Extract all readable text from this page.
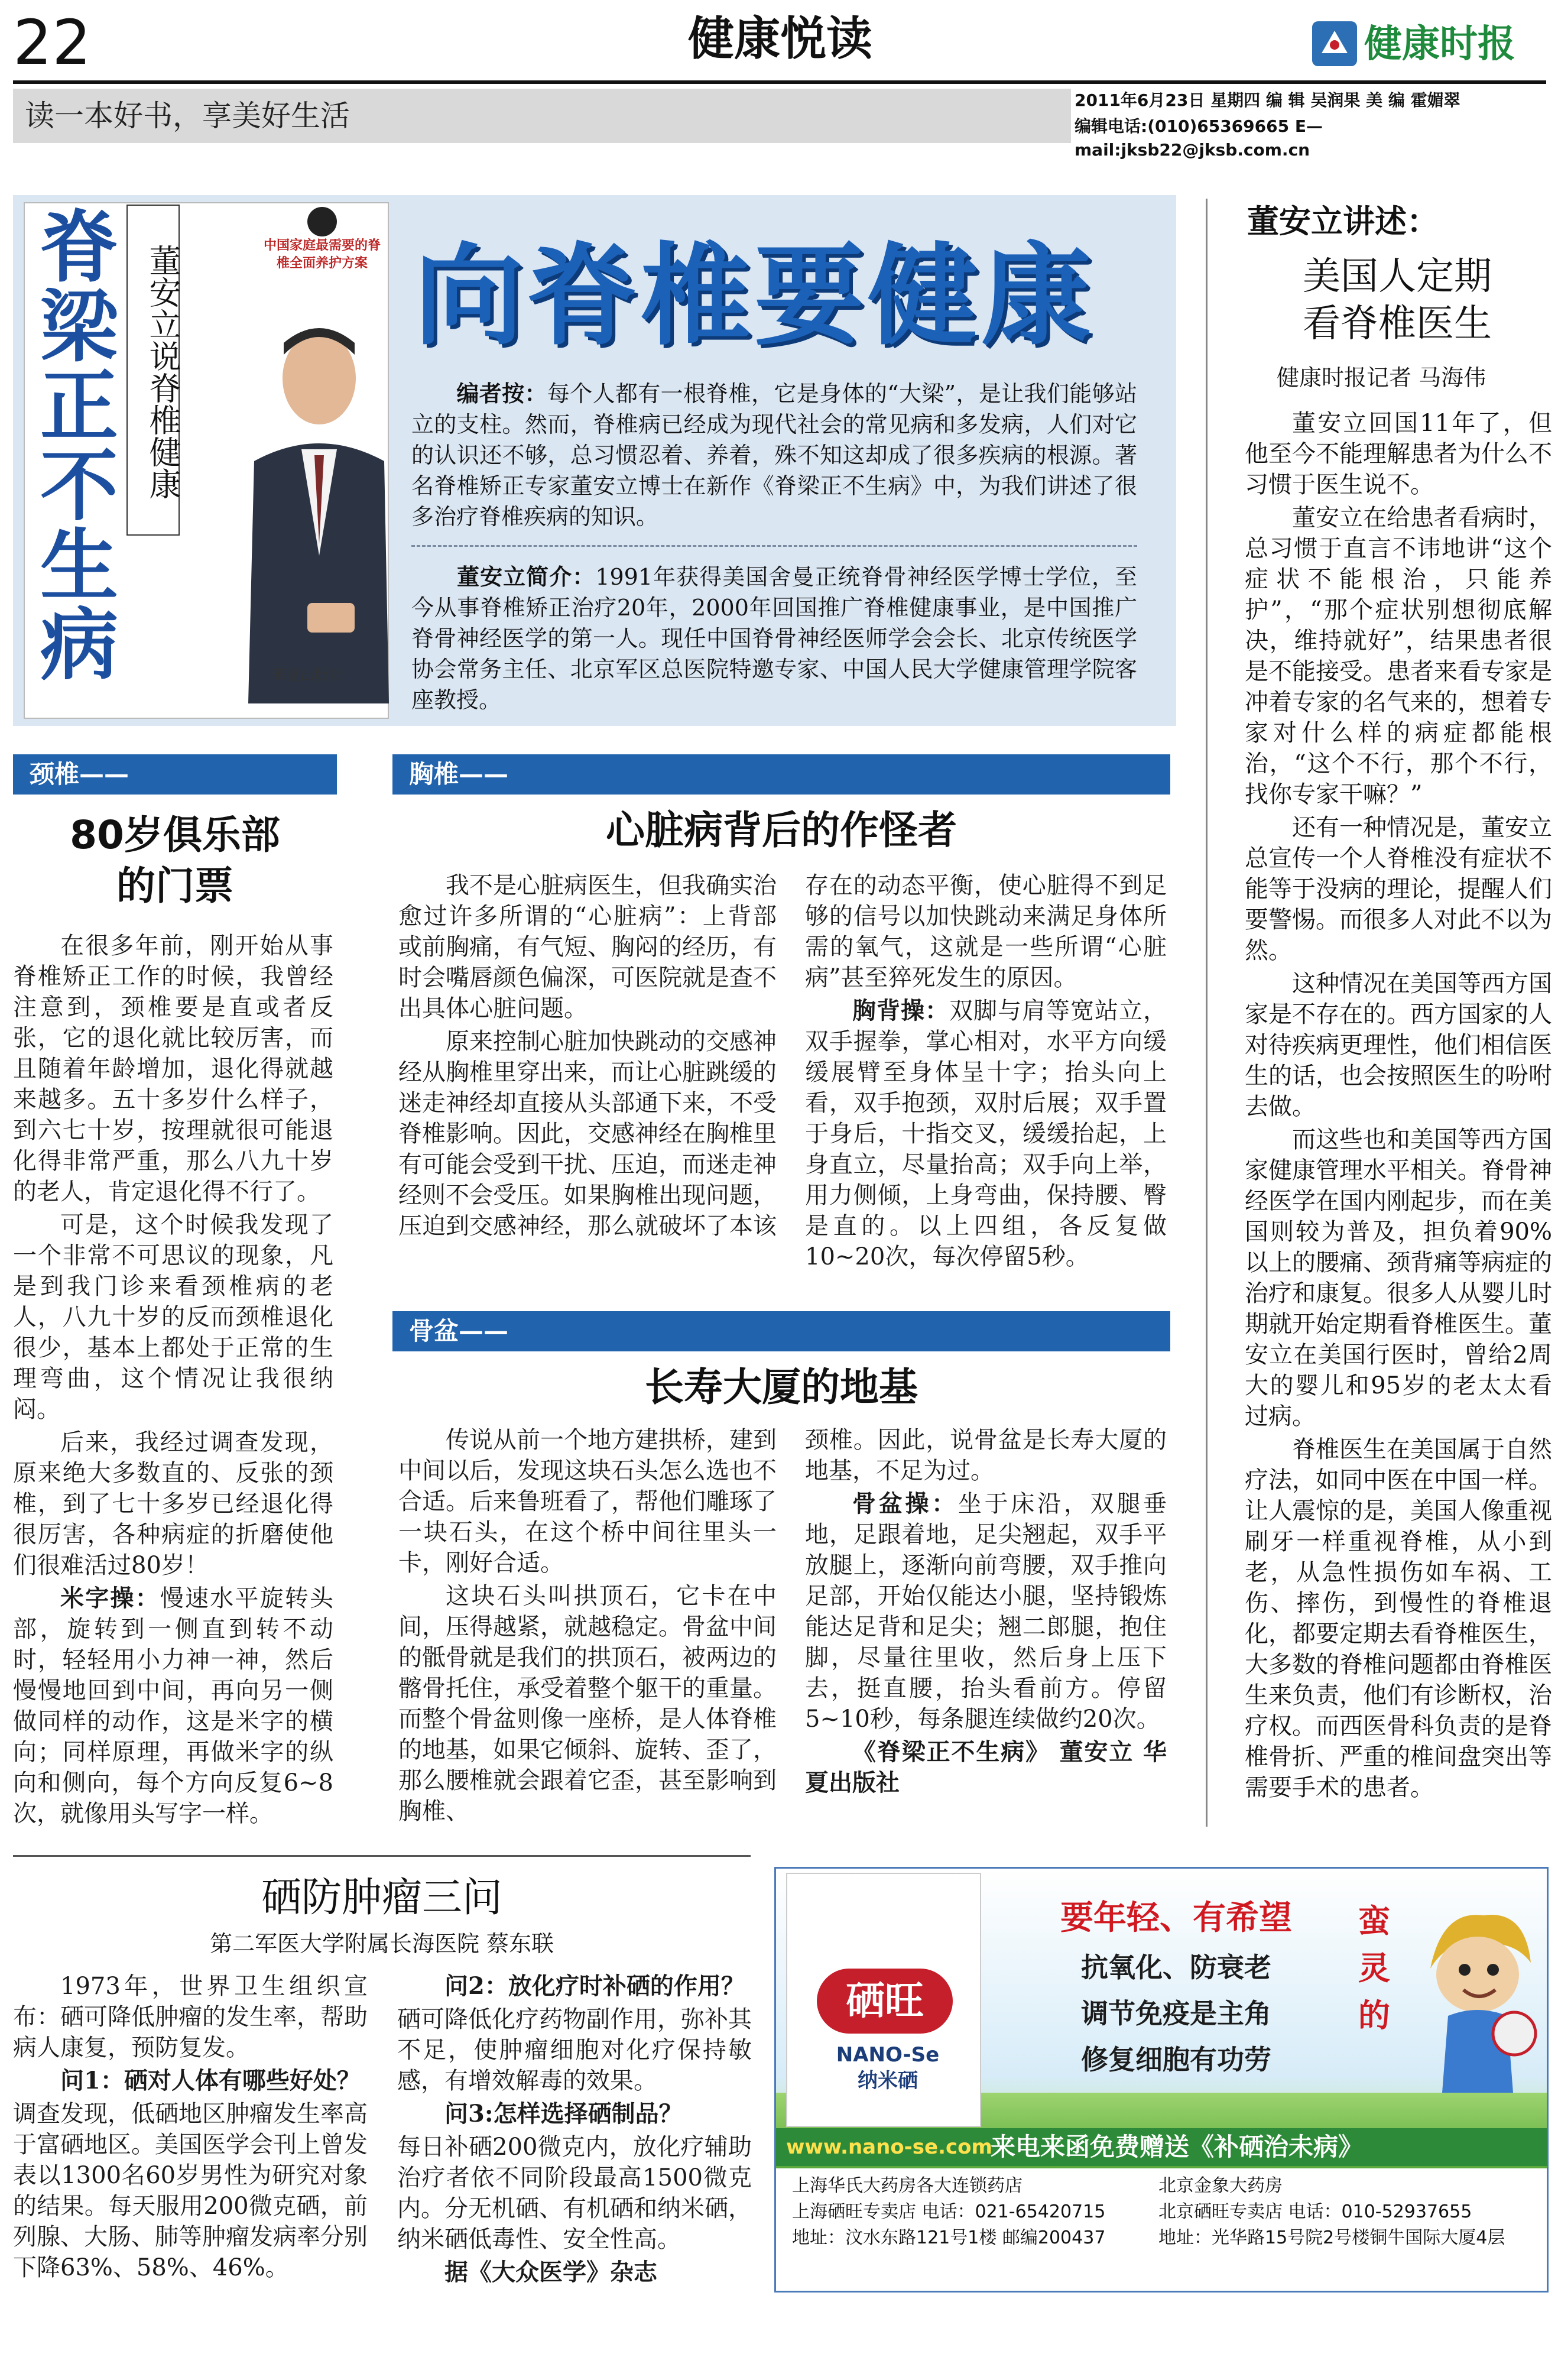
22	健康悦读	健康时报
读一本好书，享美好生活	2011年6月23日 星期四 编 辑 吴润果 美 编 霍媚翠
编辑电话:(010)65369665 E—mail:jksb22@jksb.com.cn
脊
梁
正
不
生
病
董安立说脊椎健康	中国家庭最需要的脊椎全面养护方案
華夏出版社
向脊椎要健康
编者按：每个人都有一根脊椎，它是身体的“大梁”，是让我们能够站立的支柱。然而，脊椎病已经成为现代社会的常见病和多发病，人们对它的认识还不够，总习惯忍着、养着，殊不知这却成了很多疾病的根源。著名脊椎矫正专家董安立博士在新作《脊梁正不生病》中，为我们讲述了很多治疗脊椎疾病的知识。
董安立简介：1991年获得美国舍曼正统脊骨神经医学博士学位，至今从事脊椎矫正治疗20年，2000年回国推广脊椎健康事业，是中国推广脊骨神经医学的第一人。现任中国脊骨神经医师学会会长、北京传统医学协会常务主任、北京军区总医院特邀专家、中国人民大学健康管理学院客座教授。
董安立讲述：
美国人定期
看脊椎医生
健康时报记者 马海伟

董安立回国11年了，但他至今不能理解患者为什么不习惯于医生说不。

董安立在给患者看病时，总习惯于直言不讳地讲“这个症状不能根治，只能养护”，“那个症状别想彻底解决，维持就好”，结果患者很是不能接受。患者来看专家是冲着专家的名气来的，想着专家对什么样的病症都能根治，“这个不行，那个不行，找你专家干嘛？”

还有一种情况是，董安立总宣传一个人脊椎没有症状不能等于没病的理论，提醒人们要警惕。而很多人对此不以为然。

这种情况在美国等西方国家是不存在的。西方国家的人对待疾病更理性，他们相信医生的话，也会按照医生的吩咐去做。

而这些也和美国等西方国家健康管理水平相关。脊骨神经医学在国内刚起步，而在美国则较为普及，担负着90%以上的腰痛、颈背痛等病症的治疗和康复。很多人从婴儿时期就开始定期看脊椎医生。董安立在美国行医时，曾给2周大的婴儿和95岁的老太太看过病。

脊椎医生在美国属于自然疗法，如同中医在中国一样。让人震惊的是，美国人像重视刷牙一样重视脊椎，从小到老，从急性损伤如车祸、工伤、摔伤，到慢性的脊椎退化，都要定期去看脊椎医生，大多数的脊椎问题都由脊椎医生来负责，他们有诊断权，治疗权。而西医骨科负责的是脊椎骨折、严重的椎间盘突出等需要手术的患者。

颈椎——
80岁俱乐部
的门票

在很多年前，刚开始从事脊椎矫正工作的时候，我曾经注意到，颈椎要是直或者反张，它的退化就比较厉害，而且随着年龄增加，退化得就越来越多。五十多岁什么样子，到六七十岁，按理就很可能退化得非常严重，那么八九十岁的老人，肯定退化得不行了。

可是，这个时候我发现了一个非常不可思议的现象，凡是到我门诊来看颈椎病的老人，八九十岁的反而颈椎退化很少，基本上都处于正常的生理弯曲，这个情况让我很纳闷。

后来，我经过调查发现，原来绝大多数直的、反张的颈椎，到了七十多岁已经退化得很厉害，各种病症的折磨使他们很难活过80岁！

米字操：慢速水平旋转头部，旋转到一侧直到转不动时，轻轻用小力神一神，然后慢慢地回到中间，再向另一侧做同样的动作，这是米字的横向；同样原理，再做米字的纵向和侧向，每个方向反复6~8次，就像用头写字一样。

胸椎——
心脏病背后的作怪者

我不是心脏病医生，但我确实治愈过许多所谓的“心脏病”：上背部或前胸痛，有气短、胸闷的经历，有时会嘴唇颜色偏深，可医院就是查不出具体心脏问题。

原来控制心脏加快跳动的交感神经从胸椎里穿出来，而让心脏跳缓的迷走神经却直接从头部通下来，不受脊椎影响。因此，交感神经在胸椎里有可能会受到干扰、压迫，而迷走神经则不会受压。如果胸椎出现问题，压迫到交感神经，那么就破坏了本该

存在的动态平衡，使心脏得不到足够的信号以加快跳动来满足身体所需的氧气，这就是一些所谓“心脏病”甚至猝死发生的原因。

胸背操：双脚与肩等宽站立，双手握拳，掌心相对，水平方向缓缓展臂至身体呈十字；抬头向上看，双手抱颈，双肘后展；双手置于身后，十指交叉，缓缓抬起，上身直立，尽量抬高；双手向上举，用力侧倾，上身弯曲，保持腰、臀是直的。以上四组，各反复做10~20次，每次停留5秒。

骨盆——
长寿大厦的地基

传说从前一个地方建拱桥，建到中间以后，发现这块石头怎么选也不合适。后来鲁班看了，帮他们雕琢了一块石头，在这个桥中间往里头一卡，刚好合适。

这块石头叫拱顶石，它卡在中间，压得越紧，就越稳定。骨盆中间的骶骨就是我们的拱顶石，被两边的髂骨托住，承受着整个躯干的重量。而整个骨盆则像一座桥，是人体脊椎的地基，如果它倾斜、旋转、歪了，那么腰椎就会跟着它歪，甚至影响到胸椎、

颈椎。因此，说骨盆是长寿大厦的地基，不足为过。

骨盆操：坐于床沿，双腿垂地，足跟着地，足尖翘起，双手平放腿上，逐渐向前弯腰，双手推向足部，开始仅能达小腿，坚持锻炼能达足背和足尖；翘二郎腿，抱住脚，尽量往里收，然后身上压下去，挺直腰，抬头看前方。停留5~10秒，每条腿连续做约20次。

《脊梁正不生病》 董安立 华夏出版社

硒防肿瘤三问
第二军医大学附属长海医院 蔡东联

1973年，世界卫生组织宣布：硒可降低肿瘤的发生率，帮助病人康复，预防复发。

问1：硒对人体有哪些好处？

调查发现，低硒地区肿瘤发生率高于富硒地区。美国医学会刊上曾发表以1300名60岁男性为研究对象的结果。每天服用200微克硒，前列腺、大肠、肺等肿瘤发病率分别下降63%、58%、46%。

问2：放化疗时补硒的作用？

硒可降低化疗药物副作用，弥补其不足，使肿瘤细胞对化疗保持敏感，有增效解毒的效果。

问3:怎样选择硒制品？

每日补硒200微克内，放化疗辅助治疗者依不同阶段最高1500微克内。分无机硒、有机硒和纳米硒，纳米硒低毒性、安全性高。

据《大众医学》杂志

硒旺
NANO-Se
纳米硒
要年轻、有希望
抗氧化、防衰老
调节免疫是主角
修复细胞有功劳
蛮灵的
www.nano-se.com
来电来函免费赠送《补硒治未病》
上海华氏大药房各大连锁药店
上海硒旺专卖店 电话：021-65420715
地址：汶水东路121号1楼 邮编200437
北京金象大药房
北京硒旺专卖店 电话：010-52937655
地址：光华路15号院2号楼铜牛国际大厦4层
